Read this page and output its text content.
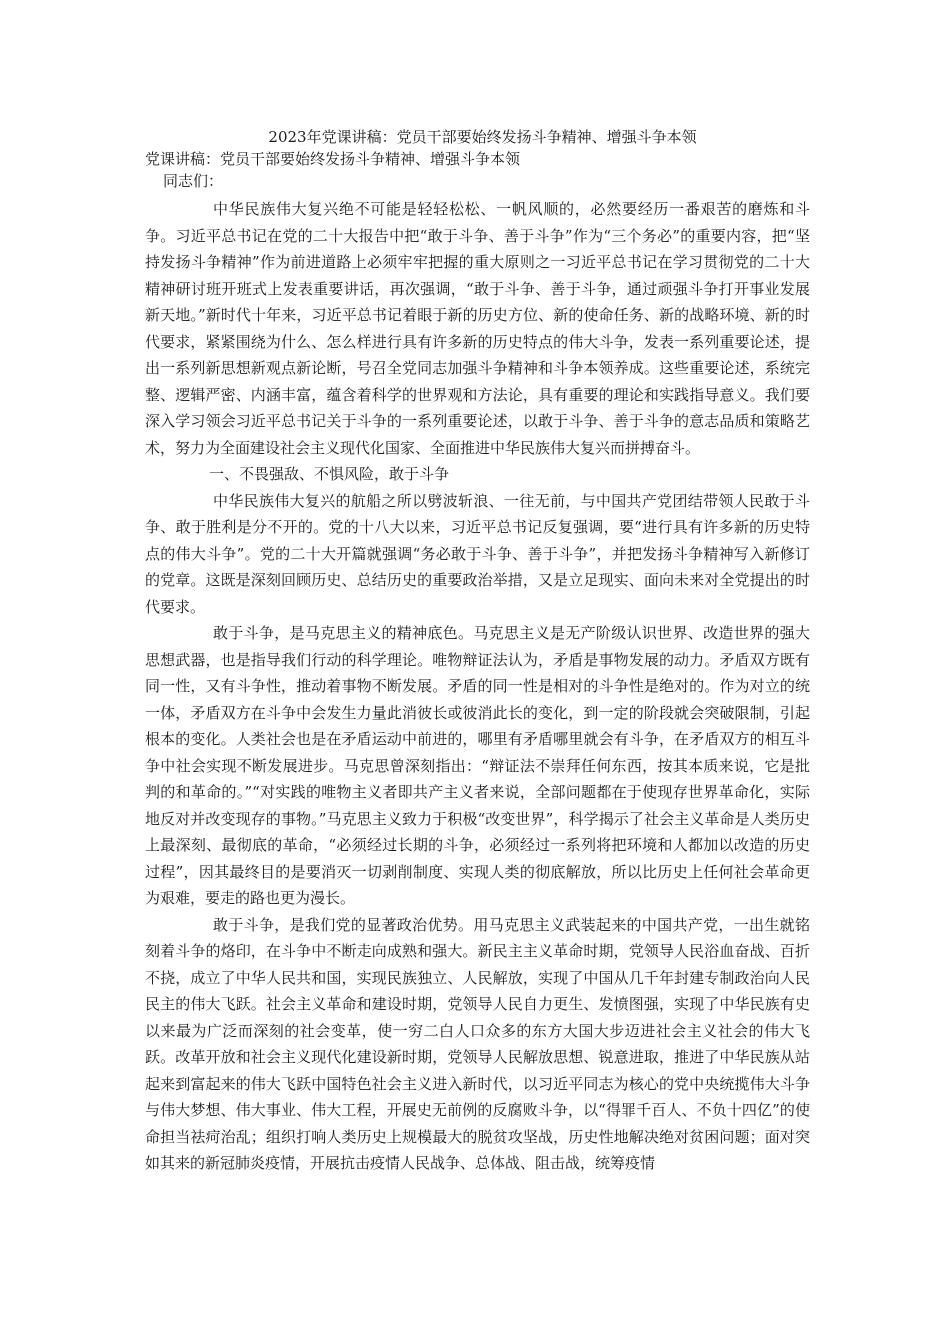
2023年党课讲稿：党员干部要始终发扬斗争精神、增强斗争本领

党课讲稿：党员干部要始终发扬斗争精神、增强斗争本领

同志们：

中华民族伟大复兴绝不可能是轻轻松松、一帆风顺的，必然要经历一番艰苦的磨炼和斗争。习近平总书记在党的二十大报告中把“敢于斗争、善于斗争”作为“三个务必”的重要内容，把“坚持发扬斗争精神”作为前进道路上必须牢牢把握的重大原则之一习近平总书记在学习贯彻党的二十大精神研讨班开班式上发表重要讲话，再次强调，“敢于斗争、善于斗争，通过顽强斗争打开事业发展新天地。”新时代十年来，习近平总书记着眼于新的历史方位、新的使命任务、新的战略环境、新的时代要求，紧紧围绕为什么、怎么样进行具有许多新的历史特点的伟大斗争，发表一系列重要论述，提出一系列新思想新观点新论断，号召全党同志加强斗争精神和斗争本领养成。这些重要论述，系统完整、逻辑严密、内涵丰富，蕴含着科学的世界观和方法论，具有重要的理论和实践指导意义。我们要深入学习领会习近平总书记关于斗争的一系列重要论述，以敢于斗争、善于斗争的意志品质和策略艺术，努力为全面建设社会主义现代化国家、全面推进中华民族伟大复兴而拼搏奋斗。

一、不畏强敌、不惧风险，敢于斗争

中华民族伟大复兴的航船之所以劈波斩浪、一往无前，与中国共产党团结带领人民敢于斗争、敢于胜利是分不开的。党的十八大以来，习近平总书记反复强调，要“进行具有许多新的历史特点的伟大斗争”。党的二十大开篇就强调“务必敢于斗争、善于斗争”，并把发扬斗争精神写入新修订的党章。这既是深刻回顾历史、总结历史的重要政治举措，又是立足现实、面向未来对全党提出的时代要求。

敢于斗争，是马克思主义的精神底色。马克思主义是无产阶级认识世界、改造世界的强大思想武器，也是指导我们行动的科学理论。唯物辩证法认为，矛盾是事物发展的动力。矛盾双方既有同一性，又有斗争性，推动着事物不断发展。矛盾的同一性是相对的斗争性是绝对的。作为对立的统一体，矛盾双方在斗争中会发生力量此消彼长或彼消此长的变化，到一定的阶段就会突破限制，引起根本的变化。人类社会也是在矛盾运动中前进的，哪里有矛盾哪里就会有斗争，在矛盾双方的相互斗争中社会实现不断发展进步。马克思曾深刻指出：“辩证法不崇拜任何东西，按其本质来说，它是批判的和革命的。”“对实践的唯物主义者即共产主义者来说，全部问题都在于使现存世界革命化，实际地反对并改变现存的事物。”马克思主义致力于积极“改变世界”，科学揭示了社会主义革命是人类历史上最深刻、最彻底的革命，“必须经过长期的斗争，必须经过一系列将把环境和人都加以改造的历史过程”，因其最终目的是要消灭一切剥削制度、实现人类的彻底解放，所以比历史上任何社会革命更为艰难，要走的路也更为漫长。

敢于斗争，是我们党的显著政治优势。用马克思主义武装起来的中国共产党，一出生就铭刻着斗争的烙印，在斗争中不断走向成熟和强大。新民主主义革命时期，党领导人民浴血奋战、百折不挠，成立了中华人民共和国，实现民族独立、人民解放，实现了中国从几千年封建专制政治向人民民主的伟大飞跃。社会主义革命和建设时期，党领导人民自力更生、发愤图强，实现了中华民族有史以来最为广泛而深刻的社会变革，使一穷二白人口众多的东方大国大步迈进社会主义社会的伟大飞跃。改革开放和社会主义现代化建设新时期，党领导人民解放思想、锐意进取，推进了中华民族从站起来到富起来的伟大飞跃中国特色社会主义进入新时代，以习近平同志为核心的党中央统揽伟大斗争与伟大梦想、伟大事业、伟大工程，开展史无前例的反腐败斗争，以“得罪千百人、不负十四亿”的使命担当祛疴治乱；组织打响人类历史上规模最大的脱贫攻坚战，历史性地解决绝对贫困问题；面对突如其来的新冠肺炎疫情，开展抗击疫情人民战争、总体战、阻击战，统筹疫情
